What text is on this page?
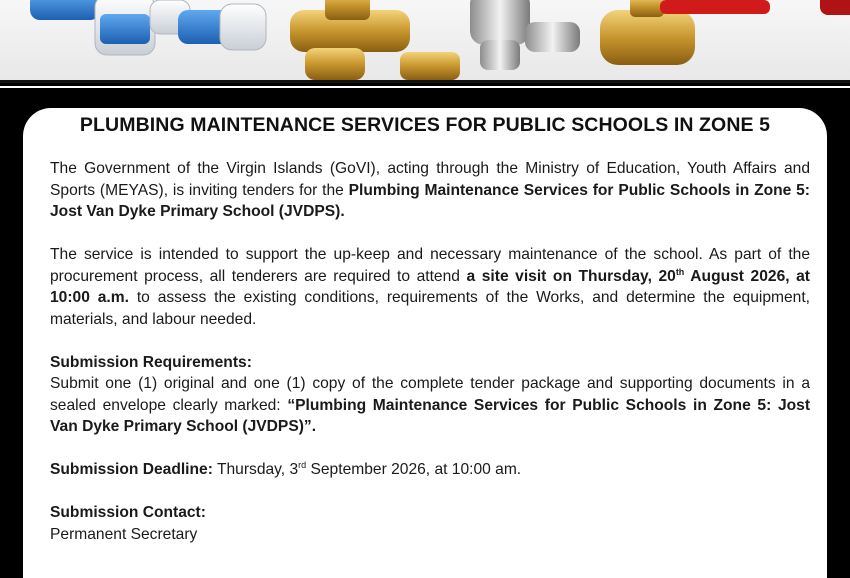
PLUMBING MAINTENANCE SERVICES FOR PUBLIC SCHOOLS IN ZONE 5

The Government of the Virgin Islands (GoVI), acting through the Ministry of Education, Youth Affairs and Sports (MEYAS), is inviting tenders for the Plumbing Maintenance Services for Public Schools in Zone 5: Jost Van Dyke Primary School (JVDPS).

The service is intended to support the up-keep and necessary maintenance of the school. As part of the procurement process, all tenderers are required to attend a site visit on Thursday, 20th August 2026, at 10:00 a.m. to assess the existing conditions, requirements of the Works, and determine the equipment, materials, and labour needed.

Submission Requirements:
Submit one (1) original and one (1) copy of the complete tender package and supporting documents in a sealed envelope clearly marked: “Plumbing Maintenance Services for Public Schools in Zone 5: Jost Van Dyke Primary School (JVDPS)”.

Submission Deadline: Thursday, 3rd September 2026, at 10:00 am.

Submission Contact:
Permanent Secretary
